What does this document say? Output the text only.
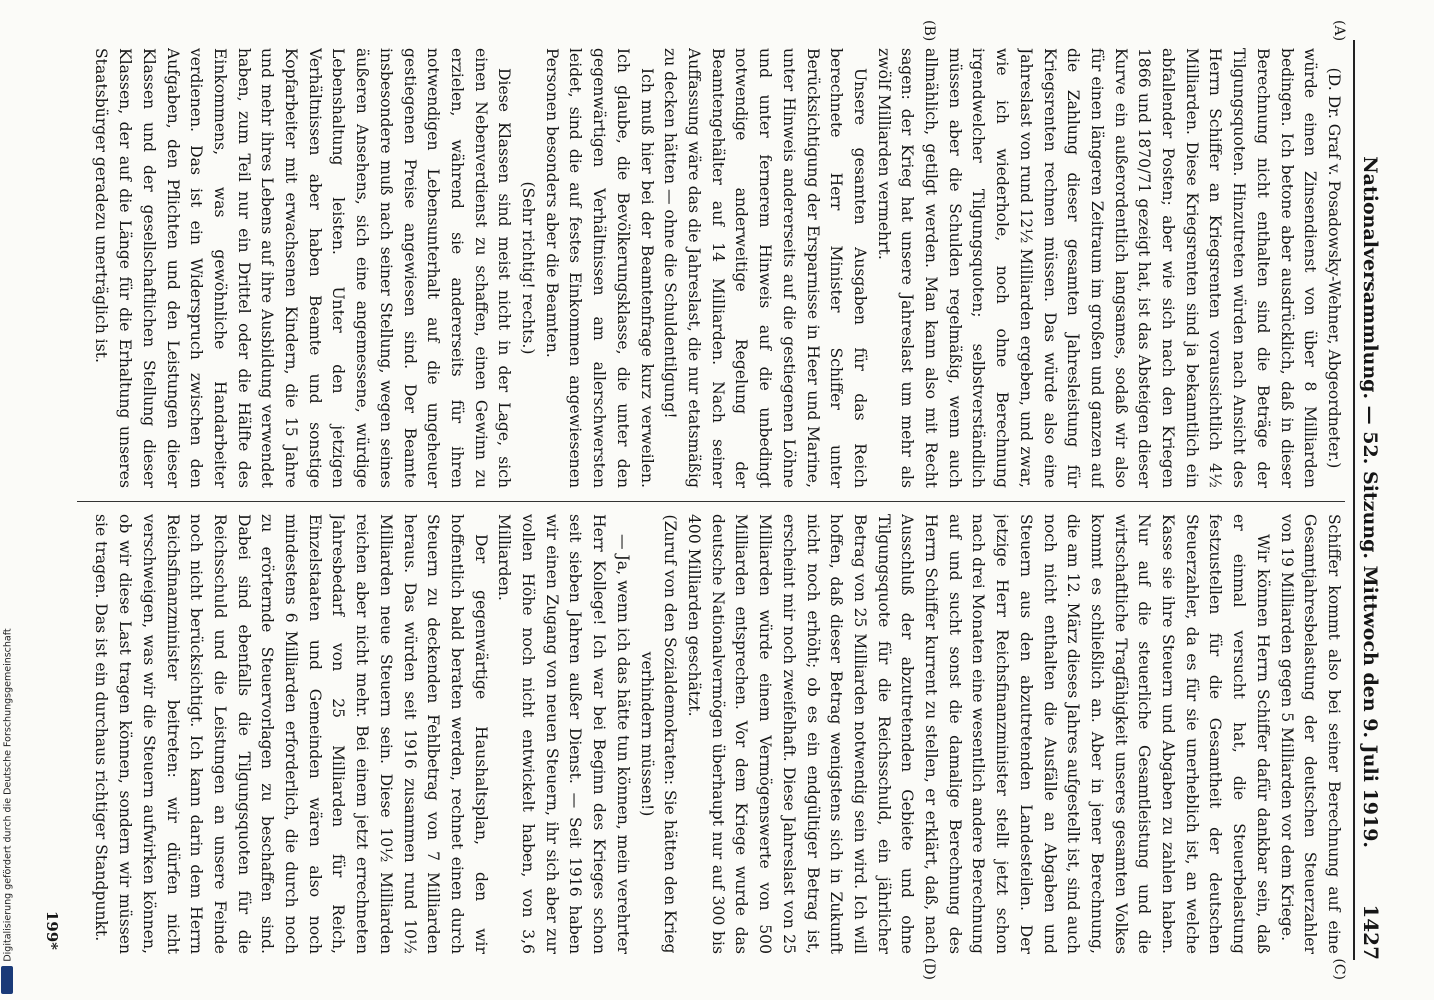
Nationalversammlung. — 52. Sitzung. Mittwoch den 9. Juli 1919.
1427
(A)
(B)
(C)
(D)

(D. Dr. Graf v. Posadowsky-Wehner, Abgeordneter.)

würde einen Zinsendienst von über 8 Milliarden bedingen. Ich betone aber ausdrücklich, daß in dieser Berechnung nicht enthalten sind die Beträge der Tilgungsquoten. Hinzutreten würden nach Ansicht des Herrn Schiffer an Kriegsrenten voraussichtlich 4½ Milliarden. Diese Kriegsrenten sind ja bekanntlich ein abfallender Posten; aber wie sich nach den Kriegen 1866 und 1870/71 gezeigt hat, ist das Absteigen dieser Kurve ein außerordentlich langsames, sodaß wir also für einen längeren Zeitraum im großen und ganzen auf die Zahlung dieser gesamten Jahresleistung für Kriegsrenten rechnen müssen. Das würde also eine Jahreslast von rund 12½ Milliarden ergeben, und zwar, wie ich wiederhole, noch ohne Berechnung irgendwelcher Tilgungsquoten; selbstverständlich müssen aber die Schulden regelmäßig, wenn auch allmählich, getilgt werden. Man kann also mit Recht sagen: der Krieg hat unsere Jahreslast um mehr als zwölf Milliarden vermehrt.

Unsere gesamten Ausgaben für das Reich berechnete Herr Minister Schiffer unter Berücksichtigung der Ersparnisse in Heer und Marine, unter Hinweis andererseits auf die gestiegenen Löhne und unter fernerem Hinweis auf die unbedingt notwendige anderweitige Regelung der Beamtengehälter auf 14 Milliarden. Nach seiner Auffassung wäre das die Jahreslast, die nur etatsmäßig zu decken hätten — ohne die Schuldentilgung!

Ich muß hier bei der Beamtenfrage kurz verweilen. Ich glaube, die Bevölkerungsklasse, die unter den gegenwärtigen Verhältnissen am allerschwersten leidet, sind die auf festes Einkommen angewiesenen Personen besonders aber die Beamten.

(Sehr richtig! rechts.)

Diese Klassen sind meist nicht in der Lage, sich einen Nebenverdienst zu schaffen, einen Gewinn zu erzielen, während sie andererseits für ihren notwendigen Lebensunterhalt auf die ungeheuer gestiegenen Preise angewiesen sind. Der Beamte insbesondere muß nach seiner Stellung, wegen seines äußeren Ansehens, sich eine angemessene, würdige Lebenshaltung leisten. Unter den jetzigen Verhältnissen aber haben Beamte und sonstige Kopfarbeiter mit erwachsenen Kindern, die 15 Jahre und mehr ihres Lebens auf ihre Ausbildung verwendet haben, zum Teil nur ein Drittel oder die Hälfte des Einkommens, was gewöhnliche Handarbeiter verdienen. Das ist ein Widerspruch zwischen den Aufgaben, den Pflichten und den Leistungen dieser Klassen und der gesellschaftlichen Stellung dieser Klassen, der auf die Länge für die Erhaltung unseres Staatsbürger geradezu unerträglich ist.

Schiffer kommt also bei seiner Berechnung auf eine Gesamtjahresbelastung der deutschen Steuerzahler von 19 Milliarden gegen 5 Milliarden vor dem Kriege.

Wir können Herrn Schiffer dafür dankbar sein, daß er einmal versucht hat, die Steuerbelastung festzustellen für die Gesamtheit der deutschen Steuerzahler, da es für sie unerheblich ist, an welche Kasse sie ihre Steuern und Abgaben zu zahlen haben. Nur auf die steuerliche Gesamtleistung und die wirtschaftliche Tragfähigkeit unseres gesamten Volkes kommt es schließlich an. Aber in jener Berechnung, die am 12. März dieses Jahres aufgestellt ist, sind auch noch nicht enthalten die Ausfälle an Abgaben und Steuern aus den abzutretenden Landesteilen. Der jetzige Herr Reichsfinanzminister stellt jetzt schon nach drei Monaten eine wesentlich andere Berechnung auf und sucht sonst die damalige Berechnung des Herrn Schiffer kurrent zu stellen, er erklärt, daß, nach Ausschluß der abzutretenden Gebiete und ohne Tilgungsquote für die Reichsschuld, ein jährlicher Betrag von 25 Milliarden notwendig sein wird. Ich will hoffen, daß dieser Betrag wenigstens sich in Zukunft nicht noch erhöht; ob es ein endgültiger Betrag ist, erscheint mir noch zweifelhaft. Diese Jahreslast von 25 Milliarden würde einem Vermögenswerte von 500 Milliarden entsprechen. Vor dem Kriege wurde das deutsche Nationalvermögen überhaupt nur auf 300 bis 400 Milliarden geschätzt.

(Zuruf von den Sozialdemokraten: Sie hätten den Krieg verhindern müssen!)

— Ja, wenn ich das hätte tun können, mein verehrter Herr Kollege! Ich war bei Beginn des Krieges schon seit sieben Jahren außer Dienst. — Seit 1916 haben wir einen Zugang von neuen Steuern, ihr sich aber zur vollen Höhe noch nicht entwickelt haben, von 3,6 Milliarden.

Der gegenwärtige Haushaltsplan, den wir hoffentlich bald beraten werden, rechnet einen durch Steuern zu deckenden Fehlbetrag von 7 Milliarden heraus. Das würden seit 1916 zusammen rund 10½ Milliarden neue Steuern sein. Diese 10½ Milliarden reichen aber nicht mehr. Bei einem jetzt errechneten Jahresbedarf von 25 Milliarden für Reich, Einzelstaaten und Gemeinden wären also noch mindestens 6 Milliarden erforderlich, die durch noch zu erörternde Steuervorlagen zu beschaffen sind. Dabei sind ebenfalls die Tilgungsquoten für die Reichsschuld und die Leistungen an unsere Feinde noch nicht berücksichtigt. Ich kann darin dem Herrn Reichsfinanzminister beitreten: wir dürfen nicht verschweigen, was wir die Steuern aufwirken können, ob wir diese Last tragen können, sondern wir müssen sie tragen. Das ist ein durchaus richtiger Standpunkt.

199*
Digitalisierung gefördert durch die Deutsche Forschungsgemeinschaft
